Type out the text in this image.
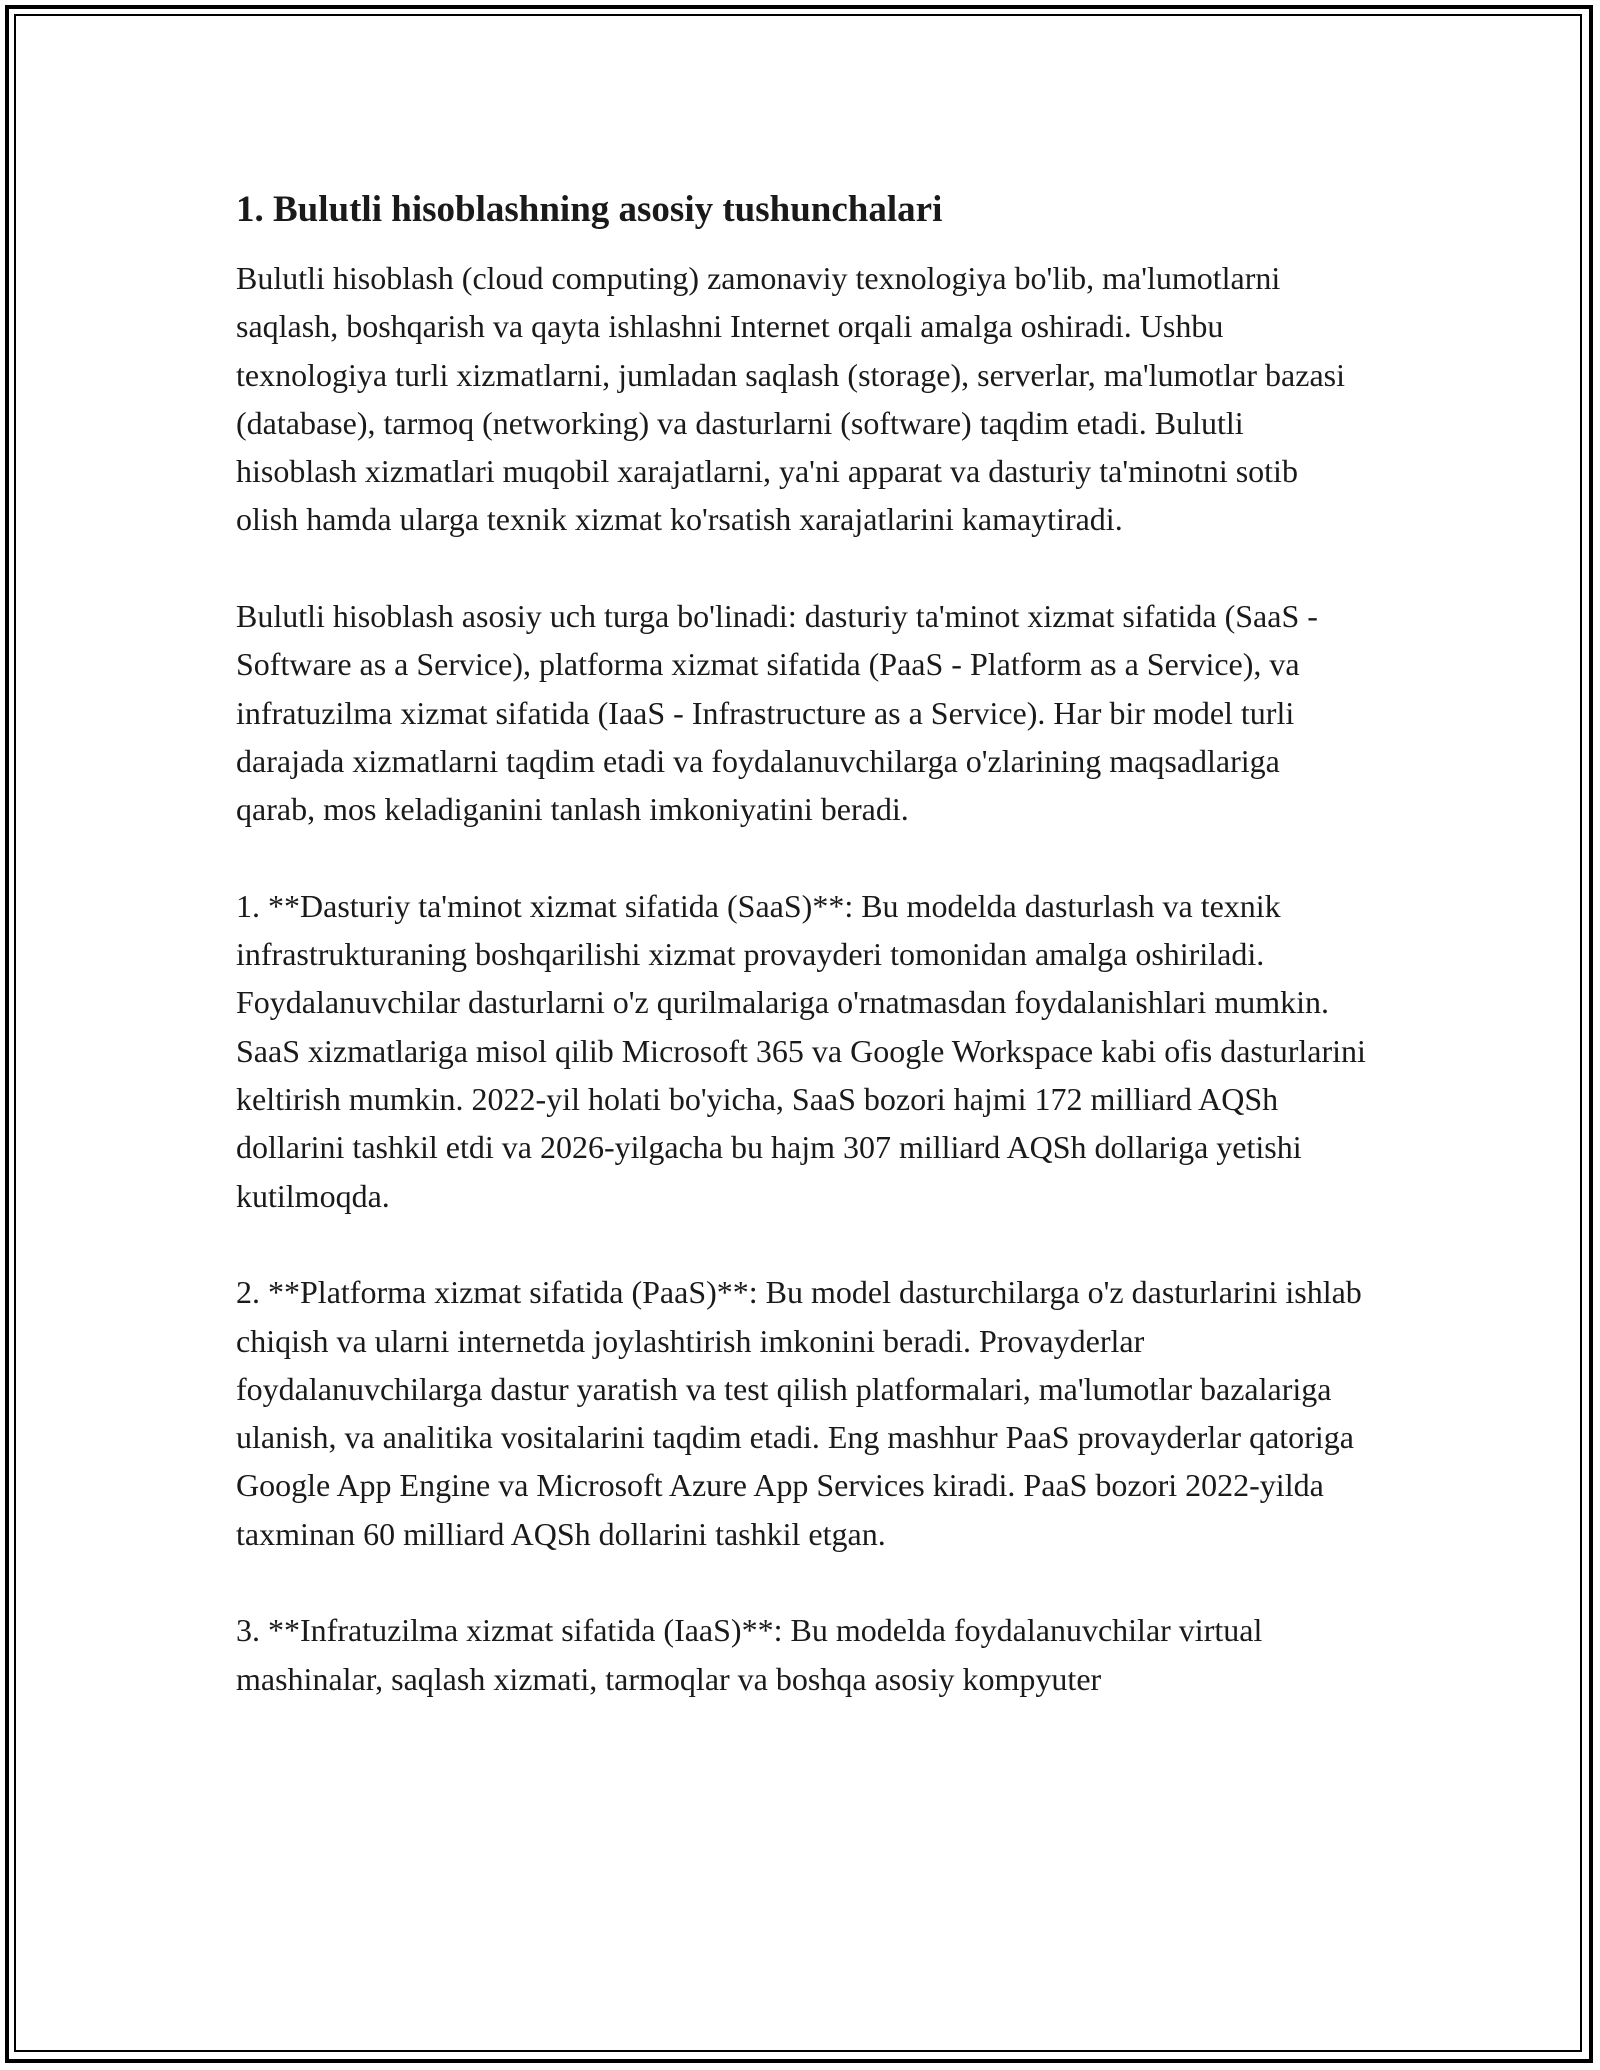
1. Bulutli hisoblashning asosiy tushunchalari

Bulutli hisoblash (cloud computing) zamonaviy texnologiya bo'lib, ma'lumotlarni saqlash, boshqarish va qayta ishlashni Internet orqali amalga oshiradi. Ushbu texnologiya turli xizmatlarni, jumladan saqlash (storage), serverlar, ma'lumotlar bazasi (database), tarmoq (networking) va dasturlarni (software) taqdim etadi. Bulutli hisoblash xizmatlari muqobil xarajatlarni, ya'ni apparat va dasturiy ta'minotni sotib olish hamda ularga texnik xizmat ko'rsatish xarajatlarini kamaytiradi.

Bulutli hisoblash asosiy uch turga bo'linadi: dasturiy ta'minot xizmat sifatida (SaaS - Software as a Service), platforma xizmat sifatida (PaaS - Platform as a Service), va infratuzilma xizmat sifatida (IaaS - Infrastructure as a Service). Har bir model turli darajada xizmatlarni taqdim etadi va foydalanuvchilarga o'zlarining maqsadlariga qarab, mos keladiganini tanlash imkoniyatini beradi.

1. **Dasturiy ta'minot xizmat sifatida (SaaS)**: Bu modelda dasturlash va texnik infrastrukturaning boshqarilishi xizmat provayderi tomonidan amalga oshiriladi. Foydalanuvchilar dasturlarni o'z qurilmalariga o'rnatmasdan foydalanishlari mumkin. SaaS xizmatlariga misol qilib Microsoft 365 va Google Workspace kabi ofis dasturlarini keltirish mumkin. 2022-yil holati bo'yicha, SaaS bozori hajmi 172 milliard AQSh dollarini tashkil etdi va 2026-yilgacha bu hajm 307 milliard AQSh dollariga yetishi kutilmoqda.

2. **Platforma xizmat sifatida (PaaS)**: Bu model dasturchilarga o'z dasturlarini ishlab chiqish va ularni internetda joylashtirish imkonini beradi. Provayderlar foydalanuvchilarga dastur yaratish va test qilish platformalari, ma'lumotlar bazalariga ulanish, va analitika vositalarini taqdim etadi. Eng mashhur PaaS provayderlar qatoriga Google App Engine va Microsoft Azure App Services kiradi. PaaS bozori 2022-yilda taxminan 60 milliard AQSh dollarini tashkil etgan.

3. **Infratuzilma xizmat sifatida (IaaS)**: Bu modelda foydalanuvchilar virtual mashinalar, saqlash xizmati, tarmoqlar va boshqa asosiy kompyuter
